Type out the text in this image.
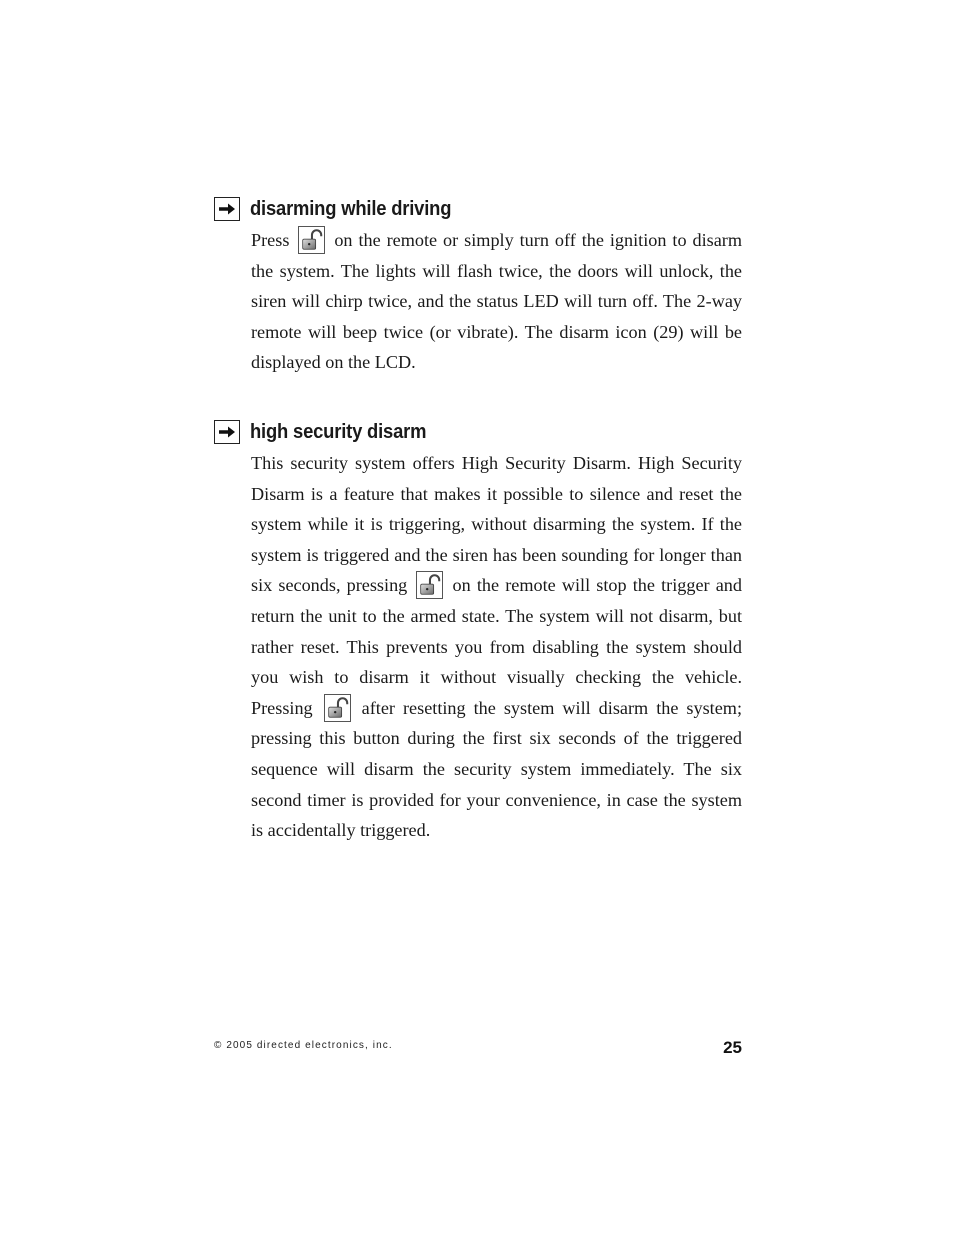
disarming while driving
Press on the remote or simply turn off the ignition to disarm the system. The lights will flash twice, the doors will unlock, the siren will chirp twice, and the status LED will turn off. The 2-way remote will beep twice (or vibrate). The disarm icon (29) will be displayed on the LCD.
high security disarm
This security system offers High Security Disarm. High Security Disarm is a feature that makes it possible to silence and reset the system while it is triggering, without disarming the system. If the system is triggered and the siren has been sounding for longer than six seconds, pressing on the remote will stop the trigger and return the unit to the armed state. The system will not disarm, but rather reset. This prevents you from disabling the system should you wish to disarm it without visually checking the vehicle. Pressing	after resetting the system will disarm the system; pressing this button during the first six seconds of the triggered sequence will disarm the security system immediately. The six second timer is provided for your convenience, in case the system is accidentally triggered.
© 2005 directed electronics, inc.	25
